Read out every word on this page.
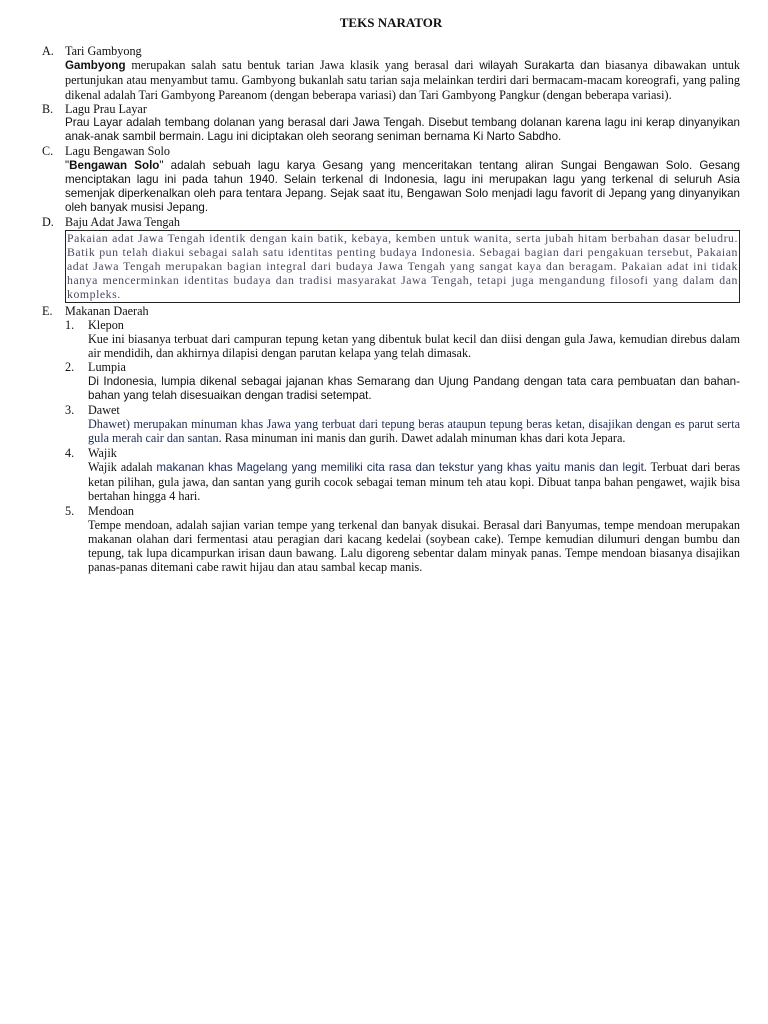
TEKS NARATOR
A. Tari Gambyong
Gambyong merupakan salah satu bentuk tarian Jawa klasik yang berasal dari wilayah Surakarta dan biasanya dibawakan untuk pertunjukan atau menyambut tamu. Gambyong bukanlah satu tarian saja melainkan terdiri dari bermacam-macam koreografi, yang paling dikenal adalah Tari Gambyong Pareanom (dengan beberapa variasi) dan Tari Gambyong Pangkur (dengan beberapa variasi).
B. Lagu Prau Layar
Prau Layar adalah tembang dolanan yang berasal dari Jawa Tengah. Disebut tembang dolanan karena lagu ini kerap dinyanyikan anak-anak sambil bermain. Lagu ini diciptakan oleh seorang seniman bernama Ki Narto Sabdho.
C. Lagu Bengawan Solo
"Bengawan Solo" adalah sebuah lagu karya Gesang yang menceritakan tentang aliran Sungai Bengawan Solo. Gesang menciptakan lagu ini pada tahun 1940. Selain terkenal di Indonesia, lagu ini merupakan lagu yang terkenal di seluruh Asia semenjak diperkenalkan oleh para tentara Jepang. Sejak saat itu, Bengawan Solo menjadi lagu favorit di Jepang yang dinyanyikan oleh banyak musisi Jepang.
D. Baju Adat Jawa Tengah
Pakaian adat Jawa Tengah identik dengan kain batik, kebaya, kemben untuk wanita, serta jubah hitam berbahan dasar beludru. Batik pun telah diakui sebagai salah satu identitas penting budaya Indonesia. Sebagai bagian dari pengakuan tersebut, Pakaian adat Jawa Tengah merupakan bagian integral dari budaya Jawa Tengah yang sangat kaya dan beragam. Pakaian adat ini tidak hanya mencerminkan identitas budaya dan tradisi masyarakat Jawa Tengah, tetapi juga mengandung filosofi yang dalam dan kompleks.
E.	Makanan Daerah
1.	Klepon
Kue ini biasanya terbuat dari campuran tepung ketan yang dibentuk bulat kecil dan diisi dengan gula Jawa, kemudian direbus dalam air mendidih, dan akhirnya dilapisi dengan parutan kelapa yang telah dimasak.
2.	Lumpia
Di Indonesia, lumpia dikenal sebagai jajanan khas Semarang dan Ujung Pandang dengan tata cara pembuatan dan bahan-bahan yang telah disesuaikan dengan tradisi setempat.
3.	Dawet
Dhawet) merupakan minuman khas Jawa yang terbuat dari tepung beras ataupun tepung beras ketan, disajikan dengan es parut serta gula merah cair dan santan. Rasa minuman ini manis dan gurih. Dawet adalah minuman khas dari kota Jepara.
4.	Wajik
Wajik adalah makanan khas Magelang yang memiliki cita rasa dan tekstur yang khas yaitu manis dan legit. Terbuat dari beras ketan pilihan, gula jawa, dan santan yang gurih cocok sebagai teman minum teh atau kopi. Dibuat tanpa bahan pengawet, wajik bisa bertahan hingga 4 hari.
5.	Mendoan
Tempe mendoan, adalah sajian varian tempe yang terkenal dan banyak disukai. Berasal dari Banyumas, tempe mendoan merupakan makanan olahan dari fermentasi atau peragian dari kacang kedelai (soybean cake). Tempe kemudian dilumuri dengan bumbu dan tepung, tak lupa dicampurkan irisan daun bawang. Lalu digoreng sebentar dalam minyak panas. Tempe mendoan biasanya disajikan panas-panas ditemani cabe rawit hijau dan atau sambal kecap manis.
